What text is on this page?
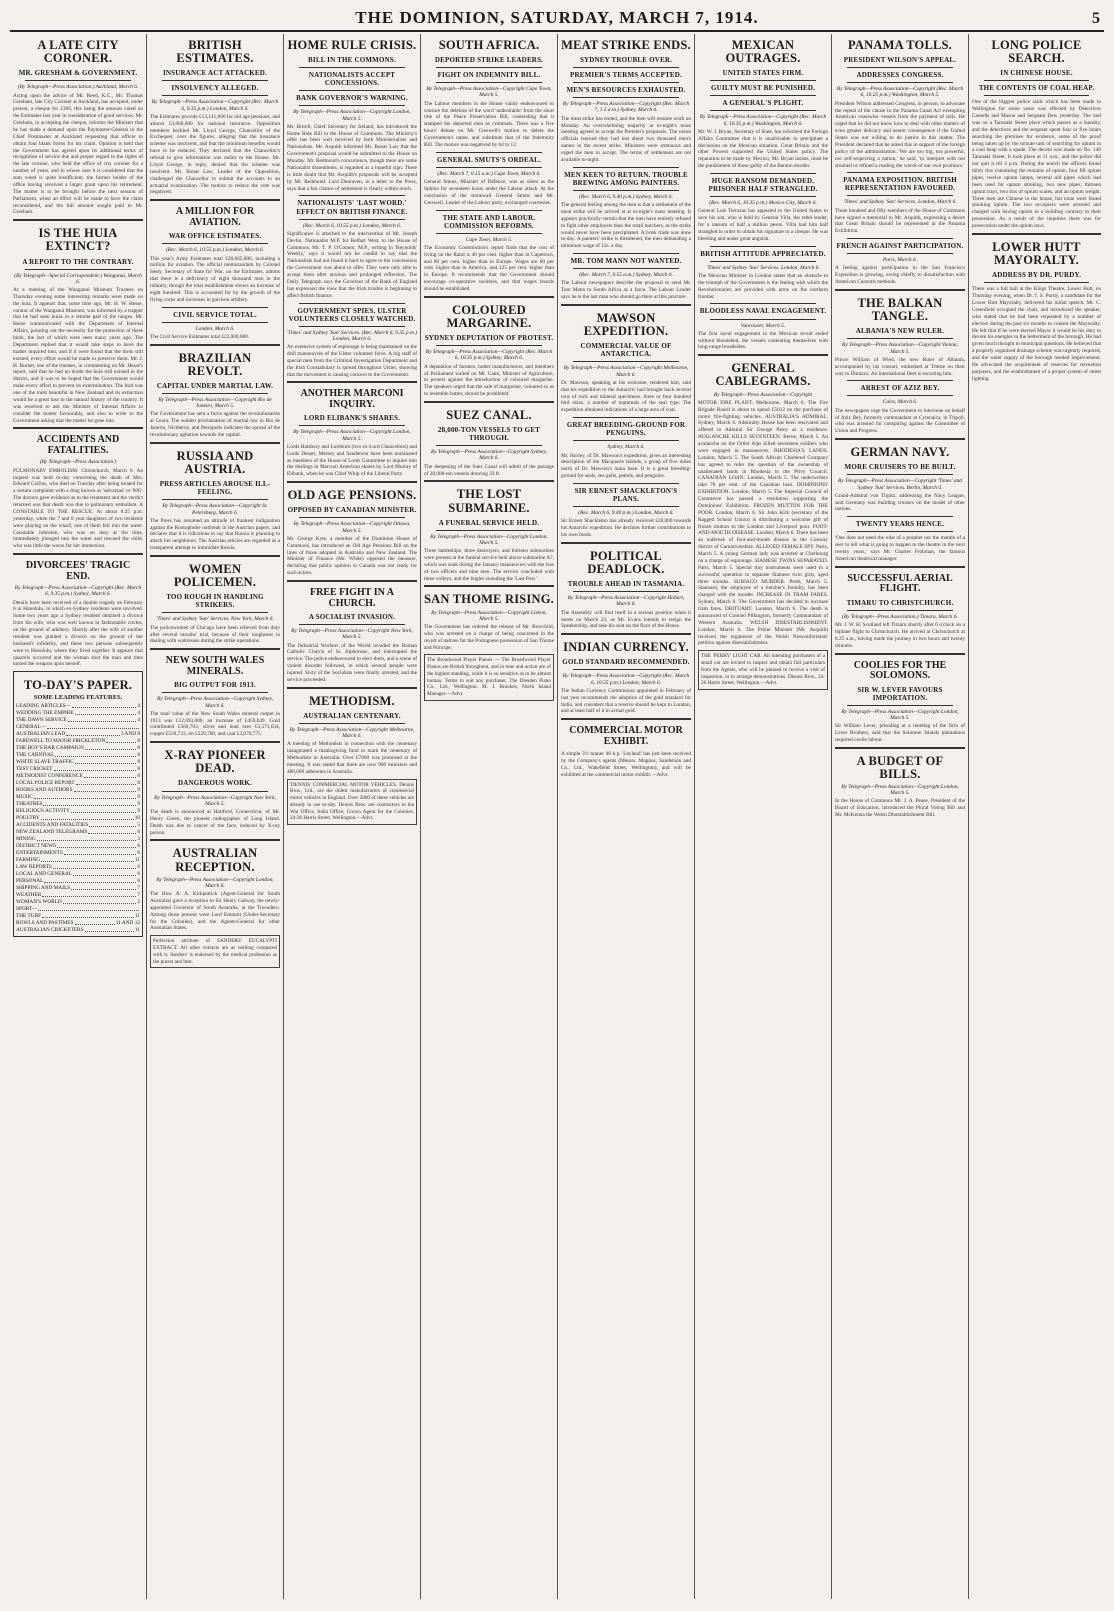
THE DOMINION, SATURDAY, MARCH 7, 1914.	5
A LATE CITY CORONER.
MR. GRESHAM & GOVERNMENT.
(By Telegraph—Press Association.) Auckland, March 6.
Acting upon the advice of Mr. Reed, K.C., Mr. Thomas Gresham, late City Coroner at Auckland, has accepted, under protest, a cheque for £300, this being the amount voted on the Estimates last year in consideration of good services. Mr. Gresham, in accepting the cheque, informs the Minister that he has made a demand upon the Paymaster-General to the Chief Postmaster at Auckland requesting that officer to obtain four blank forms for his claim. Opinion is held that the Government has agreed upon its additional terms of recognition of service due and proper regard to the rights of the late coroner, who held the office of city coroner for a number of years, and in whose case it is considered that the sum voted is quite insufficient, the former holder of the office having received a larger grant upon his retirement. The matter is to be brought before the next session of Parliament, when an effort will be made to have the claim reconsidered, and the full amount sought paid to Mr. Gresham.
IS THE HUIA EXTINCT?
A REPORT TO THE CONTRARY.
(By Telegraph—Special Correspondent.) Wanganui, March 6.
At a meeting of the Wanganui Museum Trustees on Thursday evening some interesting remarks were made on the huia. It appears that, some time ago, Mr. H. W. Hesse, curator of the Wanganui Museum, was informed by a trapper that he had seen huias in a remote part of the ranges. Mr. Hesse communicated with the Department of Internal Affairs, pointing out the necessity for the protection of these birds, the last of which were seen many years ago. The Department replied that it would take steps to have the matter inquired into, and if it were found that the birds still existed, every effort would be made to preserve them. Mr. J. H. Burnet, one of the trustees, in commenting on Mr. Hesse's report, said that he had no doubt the huia still existed in the district, and it was to be hoped that the Government would make every effort to prevent its extermination. The bird was one of the most beautiful in New Zealand and its extinction would be a great loss to the natural history of the country. It was resolved to ask the Minister of Internal Affairs to consider the matter favourably, and also to write to the Government asking that the matter be gone into.
ACCIDENTS AND FATALITIES.
(By Telegraph—Press Association.)
PULMONARY EMBOLISM. Christchurch, March 6. An inquest was held to-day concerning the death of Mrs. Edward Collins, who died on Tuesday after being treated for a certain complaint with a drug known as 'salvarsan' or '606'. The doctors gave evidence as to the treatment and the verdict returned was that death was due to pulmonary embolism. A CONSTABLE TO THE RESCUE. At about 6.25 p.m. yesterday, when the 7 and 8 year daughters of two residents were playing on the wharf, one of them fell into the water. Constable Johnston, who was on duty at the time, immediately plunged into the water and rescued the child, who was little the worse for her immersion.
DIVORCEES' TRAGIC END.
By Telegraph—Press Association—Copyright (Rec. March 6, 9.35 p.m.) Sydney, March 6.
Details have been received of a double tragedy on February 6 in Honolulu, in which ex-Sydney residents were involved. Some two years ago a Sydney resident obtained a divorce from his wife, who was well known in fashionable circles, on the ground of adultery. Shortly after the wife of another resident was granted a divorce on the ground of her husband's infidelity, and these two persons subsequently went to Honolulu, where they lived together. It appears that quarrels occurred and the woman shot the man and then turned the weapon upon herself.
TO-DAY'S PAPER.
SOME LEADING FEATURES.
LEADING ARTICLES—	4
WEDDING THE EMPIRE	4
THE DAWN SERVICE	4
GENERAL—
AUSTRALIAN LEAD	3 AND 8
FAREWELL TO MAJOR FRICKLETON	8
THE BOY'S BAR CAMPAIGN	8
THE CARNIVAL	8
WHITE SLAVE TRAFFIC	8
TEST CRICKET	8
METHODIST CONFERENCE	8
LOCAL POLICE REPORT	8
BOOKS AND AUTHORS	9
MUSIC	9
THEATRES	9
RELIGIOUS ACTIVITY	9
POULTRY	10
ACCIDENTS AND FATALITIES	5
NEW ZEALAND TELEGRAMS	6
MINING	3
DISTRICT NEWS	6
ENTERTAINMENTS	6
FARMING	11
LAW REPORTS	6
LOCAL AND GENERAL	6
PERSONAL	6
SHIPPING AND MAILS	7
WEATHER	7
WOMAN'S WORLD	2
SPORT—
THE TURF	11
BOWLS AND PASTIMES	11 AND 12
AUSTRALIAN CRICKETERS	11
BRITISH ESTIMATES.
INSURANCE ACT ATTACKED.
INSOLVENCY ALLEGED.
By Telegraph—Press Association—Copyright (Rec. March 6, 9.35 p.m.) London, March 6.
The Estimates provide £13,141,000 for old age pensions, and almost £3,000,000 for national insurance. Opposition members heckled Mr. Lloyd George, Chancellor of the Exchequer, over the figures, alleging that the insurance scheme was insolvent, and that the minimum benefits would have to be reduced. They declared that the Chancellor's refusal to give information was unfair to the House. Mr. Lloyd George, in reply, denied that the scheme was insolvent. Mr. Bonar Law, Leader of the Opposition, challenged the Chancellor to submit the accounts to an actuarial examination. The motion to reduce the vote was negatived.
A MILLION FOR AVIATION.
WAR OFFICE ESTIMATES.
(Rec. March 6, 10.55 p.m.) London, March 6.
This year's Army Estimates total £28,845,000, including a million for aviation. The official memorandum by Colonel Seely, Secretary of State for War, on the Estimates, admits that there is a deficiency of eight thousand men in the infantry, though the total establishment shows an increase of eight hundred. This is accounted for by the growth of the flying corps and increases in garrison artillery.
CIVIL SERVICE TOTAL.
London, March 6.
The Civil Service Estimates total £22,000,000.
BRAZILIAN REVOLT.
CAPITAL UNDER MARTIAL LAW.
By Telegraph—Press Association—Copyright Rio de Janeiro, March 5.
The Government has sent a force against the revolutionaries at Ceara. The sudden proclamation of martial law in Rio de Janeiro, Nictheroy, and Petropolis indicates the spread of the revolutionary agitation towards the capital.
RUSSIA AND AUSTRIA.
PRESS ARTICLES AROUSE ILL-FEELING.
By Telegraph—Press Association—Copyright St. Petersburg, March 6.
The Press has assumed an attitude of frankest indignation against the Russophobe outbreak in the Austrian papers, and declares that it is ridiculous to say that Russia is planning to attack her neighbours. The Austrian articles are regarded as a transparent attempt to intimidate Russia.
WOMEN POLICEMEN.
TOO ROUGH IN HANDLING STRIKERS.
'Times' and Sydney 'Sun' Services. New York, March 6.
The policewomen of Chicago have been relieved from duty after several months' trial, because of their roughness in dealing with waitresses during the strike operations.
NEW SOUTH WALES MINERALS.
BIG OUTPUT FOR 1913.
By Telegraph—Press Association—Copyright Sydney, March 6.
The total value of the New South Wales mineral output in 1913 was £12,693,000, an increase of £459,649. Gold contributed £560,703, silver and lead ores £3,571,634, copper £539,733, tin £329,700, and coal £3,070,775.
X-RAY PIONEER DEAD.
DANGEROUS WORK.
By Telegraph—Press Association—Copyright New York, March 5.
The death is announced at Hartford, Connecticut, of Mr. Henry Green, the pioneer radiographer of Long Island. Death was due to cancer of the face, induced by X-ray poison.
AUSTRALIAN RECEPTION.
By Telegraph—Press Association—Copyright London, March 6.
The Hon. A. A. Kirkpatrick (Agent-General for South Australia) gave a reception to Sir Henry Galway, the newly-appointed Governor of South Australia, at the Trocadero. Among those present were Lord Emmott (Under-Secretary for the Colonies), and the Agents-General for other Australian States.
Perfection attribute of SANDERS' EUCALYPTI EXTRACT. All other extracts are as nothing compared with it. Sanders' is endorsed by the medical profession as the purest and best.
HOME RULE CRISIS.
BILL IN THE COMMONS.
NATIONALISTS ACCEPT CONCESSIONS.
BANK GOVERNOR'S WARNING.
By Telegraph—Press Association—Copyright London, March 5.
Mr. Birrell, Chief Secretary for Ireland, has introduced the Home Rule Bill in the House of Commons. The Ministry's offer has been well received by both Ministerialists and Nationalists. Mr. Asquith informed Mr. Bonar Law that the Government's proposal would be submitted to the House on Monday. Mr. Redmond's concurrence, though there are some Nationalist dissentients, is regarded as a hopeful sign. There is little doubt that Mr. Asquith's proposals will be accepted by Mr. Redmond. Lord Dunraven, in a letter to the Press, says that a fair chance of settlement is clearly within reach.
NATIONALISTS' 'LAST WORD.' EFFECT ON BRITISH FINANCE.
(Rec. March 6, 10.55 p.m.) London, March 6.
Significance is attached to the intervention of Mr. Joseph Devlin, Nationalist M.P. for Belfast West, to the House of Commons. Mr. T. P. O'Connor, M.P., writing in 'Reynolds' Weekly,' says it would not be candid to say that the Nationalists had not found it hard to agree to the concessions the Government was about to offer. They were only able to accept them after anxious and prolonged reflection. The Daily Telegraph says the Governor of the Bank of England has expressed the view that the Irish trouble is beginning to affect British finance.
GOVERNMENT SPIES. ULSTER VOLUNTEERS CLOSELY WATCHED.
'Times' and Sydney 'Sun' Services. (Rec. March 6, 9.35 p.m.) London, March 6.
An extensive system of espionage is being maintained on the drill manoeuvres of the Ulster volunteer force. A big staff of special men from the Criminal Investigation Department and the Irish Constabulary is spread throughout Ulster, showing that the movement is causing concern to the Government.
ANOTHER MARCONI INQUIRY.
LORD ELIBANK'S SHARES.
By Telegraph—Press Association—Copyright London, March 5.
Lords Halsbury and Loreburn (two ex-Lord Chancellors) and Lords Desart, Mersey and Sanderson have been nominated as members of the House of Lords Committee to inquire into the dealings in Marconi American shares by Lord Murray of Elibank, when he was Chief Whip of the Liberal Party.
OLD AGE PENSIONS.
OPPOSED BY CANADIAN MINISTER.
By Telegraph—Press Association—Copyright Ottawa, March 5.
Mr. George Kyte, a member of the Dominion House of Commons, has introduced an Old Age Pensions Bill on the lines of those adopted in Australia and New Zealand. The Minister of Finance (Mr. White) opposed the measure, declaring that public opinion in Canada was not ready for such action.
FREE FIGHT IN A CHURCH.
A SOCIALIST INVASION.
By Telegraph—Press Association—Copyright New York, March 5.
The Industrial Workers of the World invaded the Roman Catholic Church of St. Alphonsus, and interrupted the service. The police endeavoured to eject them, and a scene of violent disorder followed, in which several people were injured. Sixty of the Socialists were finally arrested, and the service proceeded.
METHODISM.
AUSTRALIAN CENTENARY.
By Telegraph—Press Association—Copyright Melbourne, March 6.
A meeting of Methodists in connection with the centenary inaugurated a thanksgiving fund to mark the centenary of Methodism in Australia. Over £7000 was promised at the meeting. It was stated that there are now 900 ministers and 480,000 adherents in Australia.
'DENNIS' COMMERCIAL MOTOR VEHICLES. Dennis Bros., Ltd., are the oldest manufacturers of commercial motor vehicles in England. Over 2000 of these vehicles are already in use to-day. Dennis Bros. are contractors to the War Office, India Office, Crown Agent for the Colonies. 24-26 Harris Street, Wellington.—Advt.
SOUTH AFRICA.
DEPORTED STRIKE LEADERS.
FIGHT ON INDEMNITY BILL.
By Telegraph—Press Association—Copyright Cape Town, March 5.
The Labour members in the House vainly endeavoured to censure the deletion of the word 'undesirable' from the short title of the Peace Preservation Bill, contending that it stamped the deported men as criminals. There was a five hours' debate on Mr. Creswell's motion to delete the Government's name, and substitute that of the Indemnity Bill. The motion was negatived by 64 to 12.
GENERAL SMUTS'S ORDEAL.
(Rec. March 7, 0.15 a.m.) Cape Town, March 6.
General Smuts, Minister of Defence, was as silent as the Sphinx for seventeen hours under the Labour attack. At the conclusion of the stonewall General Smuts and Mr. Creswell, Leader of the Labour party, exchanged courtesies.
THE STATE AND LABOUR. COMMISSION REFORMS.
Cape Town, March 5.
The Economic Commission's report finds that the cost of living on the Rand is 40 per cent. higher than in Capetown, and 80 per cent. higher than in Europe. Wages are 60 per cent. higher than in America, and 225 per cent. higher than in Europe. It recommends that the Government should encourage co-operative societies, and that wages boards should be established.
COLOURED MARGARINE.
SYDNEY DEPUTATION OF PROTEST.
By Telegraph—Press Association—Copyright (Rec. March 6, 10.35 p.m.) Sydney, March 6.
A deputation of farmers, butter manufacturers, and members of Parliament waited on Mr. Cann, Minister of Agriculture, to protest against the introduction of coloured margarine. The speakers urged that the sale of margarine, coloured so as to resemble butter, should be prohibited.
SUEZ CANAL.
28,000-TON VESSELS TO GET THROUGH.
By Telegraph—Press Association—Copyright Sydney, March 6.
The deepening of the Suez Canal will admit of the passage of 28,000-ton vessels drawing 33 ft.
THE LOST SUBMARINE.
A FUNERAL SERVICE HELD.
By Telegraph—Press Association—Copyright London, March 5.
Three battleships, three destroyers, and thirteen submarines were present at the funeral service held above submarine A7, which was sunk during the January manoeuvres with the loss of two officers and nine men. The service concluded with three volleys, and the bugles sounding the 'Last Post.'
SAN THOME RISING.
By Telegraph—Press Association—Copyright Lisbon, March 5.
The Government has ordered the release of Mr. Rowchild, who was arrested on a charge of being concerned in the revolt of natives for the Portuguese possession of San Thome and Principe.
The Broadwood Player Pianos — The Broadwood Player Pianos are British throughout, and in tone and action are of the highest standing, while it is so sensitive as to be almost human. Terms to suit any purchaser. The Dresden Piano Co., Ltd., Wellington. M. J. Brookes, North Island Manager.—Advt.
MEAT STRIKE ENDS.
SYDNEY TROUBLE OVER.
PREMIER'S TERMS ACCEPTED.
MEN'S RESOURCES EXHAUSTED.
By Telegraph—Press Association—Copyright (Rec. March 7, 1.5 a.m.) Sydney, March 6.
The meat strike has ended, and the men will resume work on Monday. An overwhelming majority at to-night's mass meeting agreed to accept the Premier's proposals. The union officials learned they had lost about two thousand men's names in the recent strike. Ministers were strenuous and urged the men to accept. The terms of settlement are not available to-night.
MEN KEEN TO RETURN. TROUBLE BREWING AMONG PAINTERS.
(Rec. March 6, 9.40 p.m.) Sydney, March 6.
The general feeling among the men is that a settlement of the meat strike will be arrived at at to-night's mass meeting. It appears practically certain that the men have entirely refused to fight other employers than the retail butchers, as the strike would never have been precipitated. A brisk trade was done to-day. A painters' strike is threatened, the men demanding a minimum wage of 12s. a day.
MR. TOM MANN NOT WANTED.
(Rec. March 7, 0.55 a.m.) Sydney, March 6.
The Labour newspapers describe the proposal to send Mr. Tom Mann to South Africa as a farce. The Labour Leader says he is the last man who should go there at this juncture.
MAWSON EXPEDITION.
COMMERCIAL VALUE OF ANTARCTICA.
By Telegraph—Press Association—Copyright Melbourne, March 6.
Dr. Mawson, speaking at his welcome, tendered him, said that his expedition to the Antarctic had brought back several tons of rock and mineral specimens, three or four hundred bird skins, a number of mammals of the seal type. The expedition obtained indications of a large area of coal.
GREAT BREEDING-GROUND FOR PENGUINS.
Sydney, March 6.
Mr. Hurley, of Dr. Mawson's expedition, gives an interesting description of the Macquarie Islands, a group of five miles north of Dr. Mawson's main base. It is a great breeding-ground for seals, sea gulls, petrels, and penguins.
SIR ERNEST SHACKLETON'S PLANS.
(Rec. March 6, 9.40 p.m.) London, March 6.
Sir Ernest Shackleton has already received £20,000 towards his Antarctic expedition. He declines further contributions to his own funds.
POLITICAL DEADLOCK.
TROUBLE AHEAD IN TASMANIA.
By Telegraph—Press Association—Copyright Hobart, March 6.
The Assembly will find itself in a serious position when it meets on March 23, as Mr. Evans intends to resign the Speakership, and take his seat on the floor of the House.
INDIAN CURRENCY.
GOLD STANDARD RECOMMENDED.
By Telegraph—Press Association—Copyright (Rec. March 6, 10.55 p.m.) London, March 6.
The Indian Currency Commission appointed in February of last year recommends the adoption of the gold standard for India, and considers that a reserve should be kept in London, and at least half of it in actual gold.
COMMERCIAL MOTOR EXHIBIT.
A simple 3½ tonner 40 h.p. 'Leyland' has just been received by the Company's agents (Messrs. Magnus, Sanderson and Co., Ltd., Wakefield Street, Wellington), and will be exhibited at the commercial motor exhibit.—Advt.
MEXICAN OUTRAGES.
UNITED STATES FIRM.
GUILTY MUST BE PUNISHED.
A GENERAL'S PLIGHT.
By Telegraph—Press Association—Copyright (Rec. March 6, 10.35 p.m.) Washington, March 6.
Mr. W. J. Bryan, Secretary of State, has informed the Foreign Affairs Committee that it is unadvisable to precipitate a discussion on the Mexican situation. Great Britain and the other Powers supported the United States policy. The reparation to be made by Mexico, Mr. Bryan insists, must be the punishment of those guilty of the Benton murder.
HUGE RANSOM DEMANDED. PRISONER HALF STRANGLED.
(Rec. March 6, 10.35 p.m.) Mexico City, March 6.
General Luis Terrazas has appealed to the United States to save his son, who is held by General Villa, the rebel leader, for a ransom of half a million pesos. Villa had him half strangled in order to obtain his signature to a cheque. He was bleeding and under great anguish.
BRITISH ATTITUDE APPRECIATED.
'Times' and Sydney 'Sun' Services. London, March 6.
The Mexican Minister in London states that an obstacle to the triumph of the Government is the feeling with which the Revolutionaries are provided with arms on the northern frontier.
BLOODLESS NAVAL ENGAGEMENT.
Vancouver, March 5.
The first naval engagement in the Mexican revolt ended without bloodshed, the vessels contenting themselves with long-range broadsides.
GENERAL CABLEGRAMS.
By Telegraph—Press Association—Copyright
MOTOR FIRE PLANT. Melbourne, March 6. The Fire Brigade Board is about to spend £5612 on the purchase of motor fire-fighting vehicles. AUSTRALIA'S ADMIRAL. Sydney, March 6. Admiralty House has been renovated and offered to Admiral Sir George Patey as a residence. AVALANCHE KILLS SEVENTEEN. Berne, March 5. An avalanche on the Ortler Alps killed seventeen soldiers who were engaged in manoeuvres. RHODESIA'S LANDS. London, March 5. The South African Chartered Company has agreed to refer the question of the ownership of unalienated lands in Rhodesia to the Privy Council. CANADIAN LOAN. London, March 5. The underwriters take 78 per cent. of the Canadian loan. DOMINIONS' EXHIBITION. London, March 5. The Imperial Council of Commerce has passed a resolution supporting the Dominions' Exhibition. FROZEN MUTTON FOR THE POOR. London, March 6. Sir John Kirk (secretary of the Ragged School Union) is distributing a welcome gift of frozen mutton to the London and Liverpool poor. FOOT-AND-MOUTH DISEASE. London, March 6. There has been an outbreak of foot-and-mouth disease in the Conway district of Carnarvonshire. ALLEGED FEMALE SPY. Paris, March 5. A young German lady was arrested at Cherbourg on a charge of espionage. SIAMESE TWINS SEPARATED. Paris, March 5. Special tiny instruments were used in a successful operation to separate Siamese twin girls, aged three months. SUBIACO MURDER. Perth, March 5. Stannard, the employee of a butcher's foundry, has been charged with the murder. INCREASE IN TRAM FARES. Sydney, March 6. The Government has decided to increase tram fares. OBITUARY. London, March 6. The death is announced of Colonel Pilkington, formerly Commandant of Western Australia. WELSH DISESTABLISHMENT. London, March 6. The Prime Minister (Mr. Asquith) received the organisers of the Welsh Nonconformists' petition against disestablishment.
THE 'PERRY' LIGHT CAR. All intending purchasers of a small car are invited to inspect and obtain full particulars from the Agents, who will be pleased to receive a visit of inspection, or to arrange demonstrations. Dennis Bros., 24-26 Harris Street, Wellington.—Advt.
PANAMA TOLLS.
PRESIDENT WILSON'S APPEAL.
ADDRESSES CONGRESS.
By Telegraph—Press Association—Copyright (Rec. March 6, 10.25 p.m.) Washington, March 5.
President Wilson addressed Congress, in person, to advocate the repeal of the clause in the Panama Canal Act exempting American coastwise vessels from the payment of tolls. He urged that he did not know how to deal with other matters of even greater delicacy and nearer consequence if the United States was not willing to do justice in this matter. The President declared that he asked this in support of the foreign policy of the administration. 'We are too big, too powerful, too self-respecting a nation,' he said, 'to interpret with too strained or refined a reading the words of our own promises.'
PANAMA EXPOSITION. BRITISH REPRESENTATION FAVOURED.
'Times' and Sydney 'Sun' Services. London, March 6.
Three hundred and fifty members of the House of Commons have signed a memorial to Mr. Asquith, expressing a desire that Great Britain should be represented at the Panama Exhibition.
FRENCH AGAINST PARTICIPATION.
Paris, March 6.
A feeling against participation in the San Francisco Exposition is growing, owing chiefly to dissatisfaction with American Customs methods.
THE BALKAN TANGLE.
ALBANIA'S NEW RULER.
By Telegraph—Press Association—Copyright Vienna, March 5.
Prince William of Wied, the new Ruler of Albania, accompanied by his consort, embarked at Trieste on their way to Durazzo. An international fleet is escorting him.
ARREST OF AZIZ BEY.
Cairo, March 6.
The newspapers urge the Government to intervene on behalf of Aziz Bey, formerly commandant at Cyrenaica, in Tripoli, who was arrested for conspiring against the Committee of Union and Progress.
GERMAN NAVY.
MORE CRUISERS TO BE BUILT.
By Telegraph—Press Association—Copyright 'Times' and Sydney 'Sun' Services. Berlin, March 6.
Grand-Admiral von Tirpitz, addressing the Navy League, said Germany was building cruisers on the model of other nations.
TWENTY YEARS HENCE.
'One does not need the robe of a prophet nor the mantle of a seer to tell what is going to happen to the theatre in the next twenty years,' says Mr. Charles Frohman, the famous American theatrical manager.
SUCCESSFUL AERIAL FLIGHT.
TIMARU TO CHRISTCHURCH.
(By Telegraph—Press Association.) Timaru, March 6.
Mr. J. W. H. Scotland left Timaru shortly after 6 o'clock on a biplane flight to Christchurch. He arrived at Christchurch at 8.25 a.m., having made the journey in two hours and twenty minutes.
COOLIES FOR THE SOLOMONS.
SIR W. LEVER FAVOURS IMPORTATION.
By Telegraph—Press Association—Copyright London, March 5.
Sir William Lever, presiding at a meeting of the firm of Lever Brothers, said that the Solomon Islands plantations required coolie labour.
A BUDGET OF BILLS.
By Telegraph—Press Association—Copyright London, March 5.
In the House of Commons Mr. J. A. Pease, President of the Board of Education, introduced the Plural Voting Bill and Mr. McKenna the Welsh Disestablishment Bill.
LONG POLICE SEARCH.
IN CHINESE HOUSE.
THE CONTENTS OF COAL HEAP.
One of the biggest police raids which has been made in Wellington for some years was effected by Detectives Cassells and Mason and Sergeant Dew yesterday. The raid was on a Taranaki Street place which passes as a laundry, and the detectives and the sergeant spent four or five hours searching the premises for evidence, some of the proof being taken up by the minute task of searching for opium in a coal heap with a spade. The decent was made on No. 140 Taranaki Street. It took place at 11 a.m., and the police did not quit it till 4 p.m. During the search the officers found thirty tins containing the remains of opium, four fill opium pipes, twelve opium lamps, several old pipes which had been used for opium smoking, two new pipes, thirteen opium trays, two tins of opium scales, and an opium weight. Three men are Chinese in the house, but none were found smoking opium. The two occupiers were arrested and charged with having opium in a building contrary to their possession. As a result of the inquiries there was for prosecution under the opium laws.
LOWER HUTT MAYORALTY.
ADDRESS BY DR. PURDY.
There was a full hall at the Kings Theatre, Lower Hutt, on Thursday evening, when Dr. J. S. Purdy, a candidate for the Lower Hutt Mayoralty, delivered his initial speech. Mr. C. Greenfield occupied the chair, and introduced the speaker, who stated that he had been requested by a number of electors during the past six months to contest the Mayoralty. He felt that if he were elected Mayor it would be his duty to devote his energies to the betterment of the borough. He had given much thought to municipal questions. He believed that a properly organised drainage scheme was urgently required, and the water supply of the borough needed improvement. He advocated the acquirement of reserves for recreation purposes, and the establishment of a proper system of street lighting.
